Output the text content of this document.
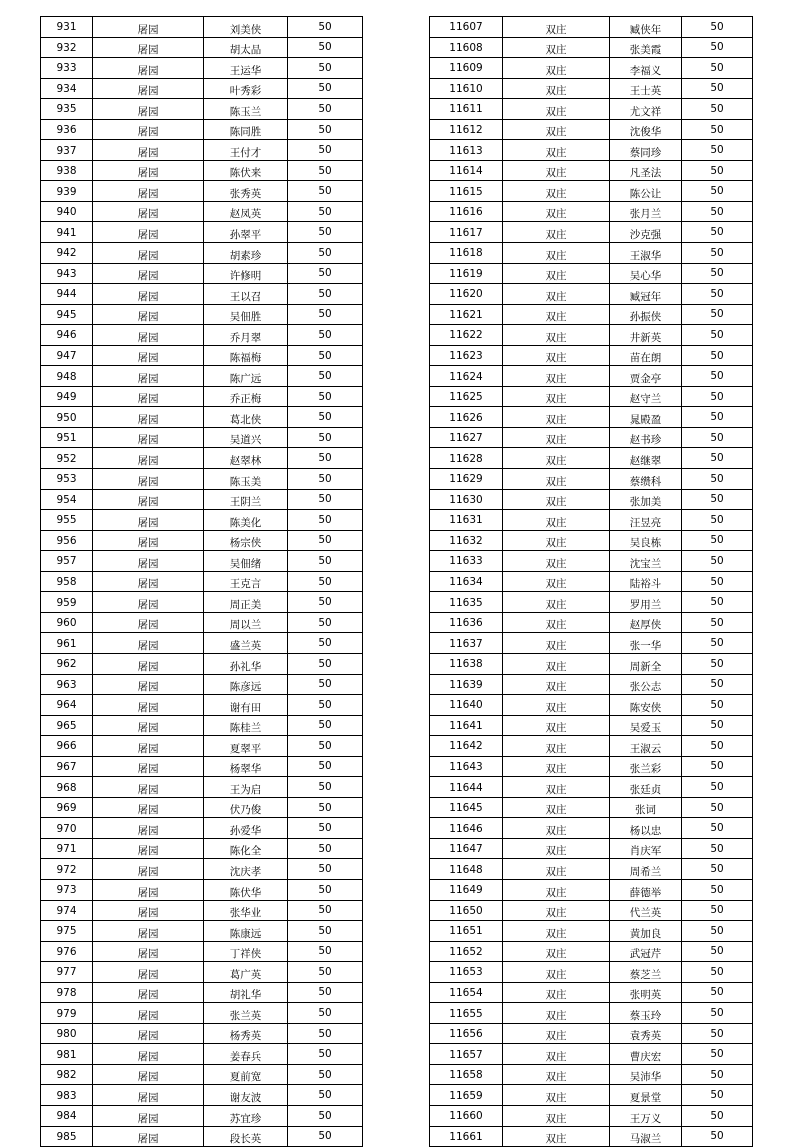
931	屠园	刘美侠	50
932	屠园	胡太品	50
933	屠园	王运华	50
934	屠园	叶秀彩	50
935	屠园	陈玉兰	50
936	屠园	陈同胜	50
937	屠园	王付才	50
938	屠园	陈伏来	50
939	屠园	张秀英	50
940	屠园	赵凤英	50
941	屠园	孙翠平	50
942	屠园	胡素珍	50
943	屠园	许修明	50
944	屠园	王以召	50
945	屠园	吴佃胜	50
946	屠园	乔月翠	50
947	屠园	陈福梅	50
948	屠园	陈广远	50
949	屠园	乔正梅	50
950	屠园	葛北侠	50
951	屠园	吴道兴	50
952	屠园	赵翠林	50
953	屠园	陈玉美	50
954	屠园	王阴兰	50
955	屠园	陈美化	50
956	屠园	杨宗侠	50
957	屠园	吴佃绪	50
958	屠园	王克言	50
959	屠园	周正美	50
960	屠园	周以兰	50
961	屠园	盛兰英	50
962	屠园	孙礼华	50
963	屠园	陈彦远	50
964	屠园	谢有田	50
965	屠园	陈桂兰	50
966	屠园	夏翠平	50
967	屠园	杨翠华	50
968	屠园	王为启	50
969	屠园	伏乃俊	50
970	屠园	孙爱华	50
971	屠园	陈化全	50
972	屠园	沈庆孝	50
973	屠园	陈伏华	50
974	屠园	张华业	50
975	屠园	陈康远	50
976	屠园	丁祥侠	50
977	屠园	葛广英	50
978	屠园	胡礼华	50
979	屠园	张兰英	50
980	屠园	杨秀英	50
981	屠园	姜春兵	50
982	屠园	夏前宽	50
983	屠园	谢友波	50
984	屠园	苏宜珍	50
985	屠园	段长英	50
11607	双庄	臧侠年	50
11608	双庄	张美霞	50
11609	双庄	李福义	50
11610	双庄	王士英	50
11611	双庄	尤文祥	50
11612	双庄	沈俊华	50
11613	双庄	蔡同珍	50
11614	双庄	凡圣法	50
11615	双庄	陈公让	50
11616	双庄	张月兰	50
11617	双庄	沙克强	50
11618	双庄	王淑华	50
11619	双庄	吴心华	50
11620	双庄	臧冠年	50
11621	双庄	孙振侠	50
11622	双庄	井新英	50
11623	双庄	苗在朗	50
11624	双庄	贾金亭	50
11625	双庄	赵守兰	50
11626	双庄	晁殿盈	50
11627	双庄	赵书珍	50
11628	双庄	赵继翠	50
11629	双庄	蔡缵科	50
11630	双庄	张加美	50
11631	双庄	汪昱亮	50
11632	双庄	吴良栋	50
11633	双庄	沈宝兰	50
11634	双庄	陆裕斗	50
11635	双庄	罗用兰	50
11636	双庄	赵厚侠	50
11637	双庄	张一华	50
11638	双庄	周新全	50
11639	双庄	张公志	50
11640	双庄	陈安侠	50
11641	双庄	吴爱玉	50
11642	双庄	王淑云	50
11643	双庄	张兰彩	50
11644	双庄	张廷贞	50
11645	双庄	张词	50
11646	双庄	杨以忠	50
11647	双庄	肖庆军	50
11648	双庄	周希兰	50
11649	双庄	薛德举	50
11650	双庄	代兰英	50
11651	双庄	黄加良	50
11652	双庄	武冠芹	50
11653	双庄	蔡芝兰	50
11654	双庄	张明英	50
11655	双庄	蔡玉玲	50
11656	双庄	袁秀英	50
11657	双庄	曹庆宏	50
11658	双庄	吴沛华	50
11659	双庄	夏景堂	50
11660	双庄	王万义	50
11661	双庄	马淑兰	50
